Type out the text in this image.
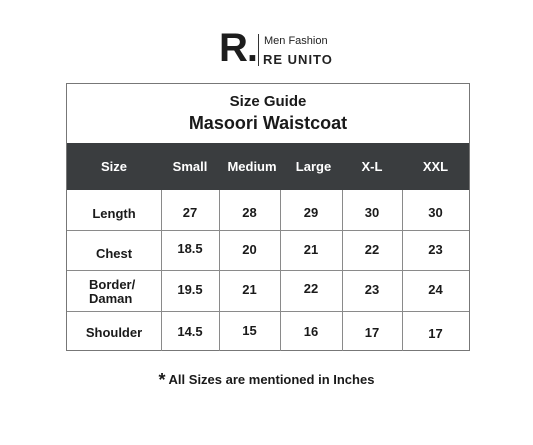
R. Men Fashion
RE UNITO
Size Guide
Masoori Waistcoat
Size	Small	Medium	Large	X-L	XXL
Length	27	28	29	30	30
Chest	18.5	20	21	22	23
Border/
Daman
19.5	21	22	23	24
Shoulder	14.5	15	16	17	17
* All Sizes are mentioned in Inches
